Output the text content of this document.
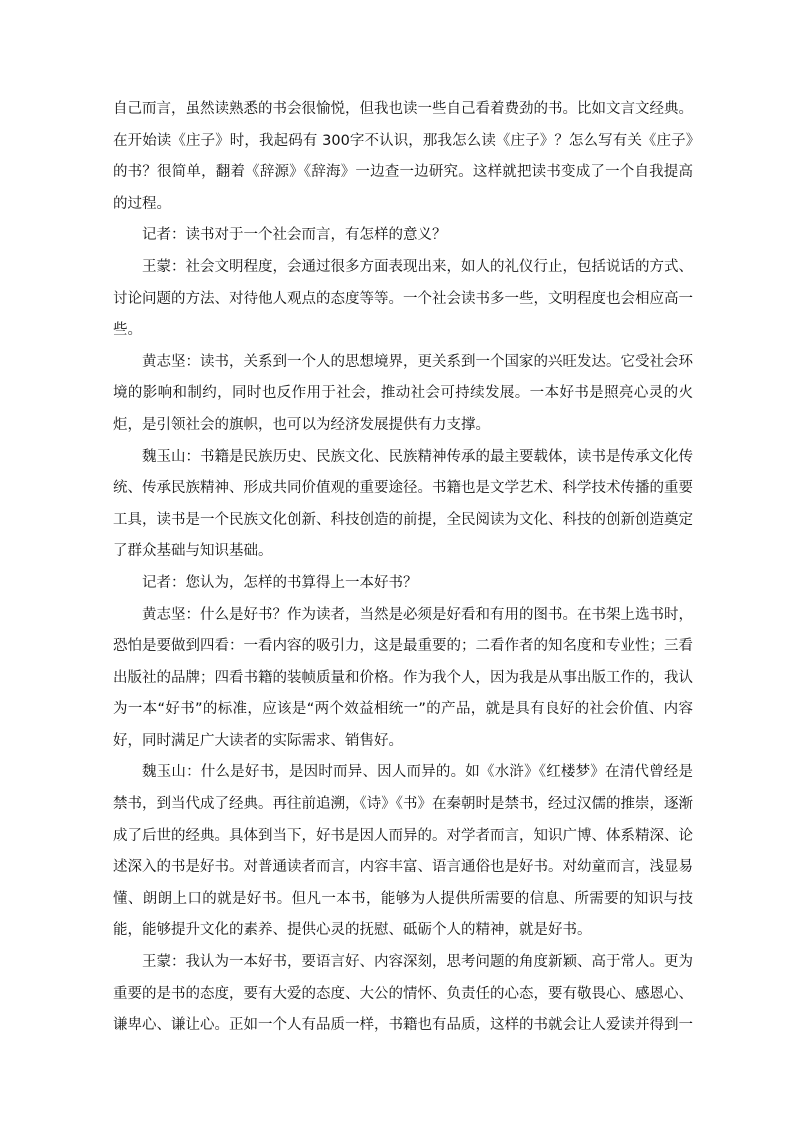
自己而言，虽然读熟悉的书会很愉悦，但我也读一些自己看着费劲的书。比如文言文经典。在开始读《庄子》时，我起码有 300字不认识，那我怎么读《庄子》？怎么写有关《庄子》的书？很简单，翻着《辞源》《辞海》一边查一边研究。这样就把读书变成了一个自我提高的过程。

记者：读书对于一个社会而言，有怎样的意义？

王蒙：社会文明程度，会通过很多方面表现出来，如人的礼仪行止，包括说话的方式、讨论问题的方法、对待他人观点的态度等等。一个社会读书多一些，文明程度也会相应高一些。

黄志坚：读书，关系到一个人的思想境界，更关系到一个国家的兴旺发达。它受社会环境的影响和制约，同时也反作用于社会，推动社会可持续发展。一本好书是照亮心灵的火炬，是引领社会的旗帜，也可以为经济发展提供有力支撑。

魏玉山：书籍是民族历史、民族文化、民族精神传承的最主要载体，读书是传承文化传统、传承民族精神、形成共同价值观的重要途径。书籍也是文学艺术、科学技术传播的重要工具，读书是一个民族文化创新、科技创造的前提，全民阅读为文化、科技的创新创造奠定了群众基础与知识基础。

记者：您认为，怎样的书算得上一本好书？

黄志坚：什么是好书？作为读者，当然是必须是好看和有用的图书。在书架上选书时，恐怕是要做到四看：一看内容的吸引力，这是最重要的；二看作者的知名度和专业性；三看出版社的品牌；四看书籍的装帧质量和价格。作为我个人，因为我是从事出版工作的，我认为一本“好书”的标准，应该是“两个效益相统一”的产品，就是具有良好的社会价值、内容好，同时满足广大读者的实际需求、销售好。

魏玉山：什么是好书，是因时而异、因人而异的。如《水浒》《红楼梦》在清代曾经是禁书，到当代成了经典。再往前追溯，《诗》《书》在秦朝时是禁书，经过汉儒的推崇，逐渐成了后世的经典。具体到当下，好书是因人而异的。对学者而言，知识广博、体系精深、论述深入的书是好书。对普通读者而言，内容丰富、语言通俗也是好书。对幼童而言，浅显易懂、朗朗上口的就是好书。但凡一本书，能够为人提供所需要的信息、所需要的知识与技能，能够提升文化的素养、提供心灵的抚慰、砥砺个人的精神，就是好书。

王蒙：我认为一本好书，要语言好、内容深刻，思考问题的角度新颖、高于常人。更为重要的是书的态度，要有大爱的态度、大公的情怀、负责任的心态，要有敬畏心、感恩心、谦卑心、谦让心。正如一个人有品质一样，书籍也有品质，这样的书就会让人爱读并得到一
